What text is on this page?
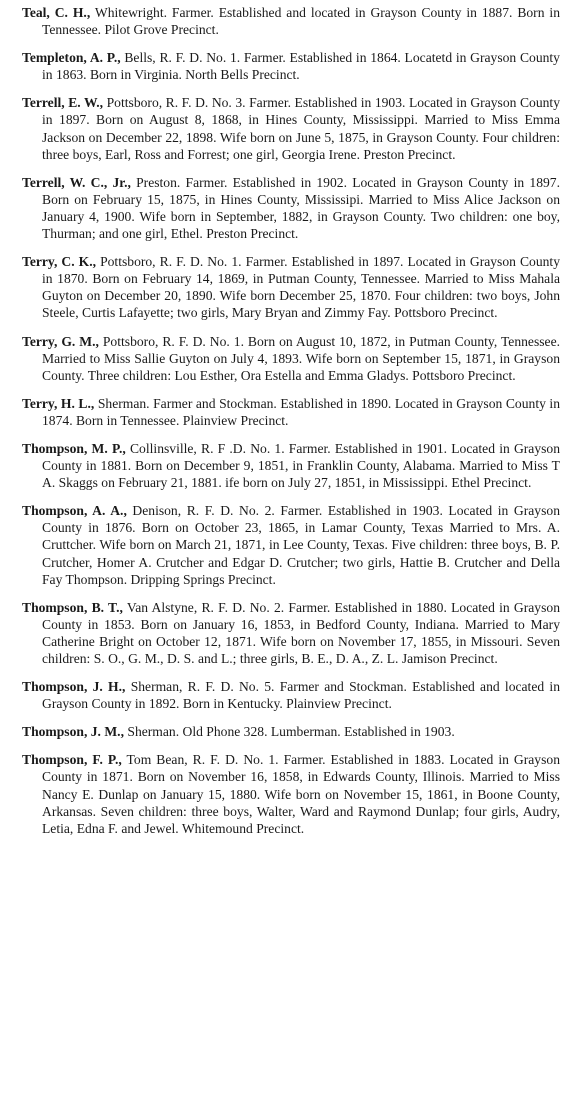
Teal, C. H., Whitewright. Farmer. Established and located in Grayson County in 1887. Born in Tennessee. Pilot Grove Precinct.

Templeton, A. P., Bells, R. F. D. No. 1. Farmer. Established in 1864. Locatetd in Grayson County in 1863. Born in Virginia. North Bells Precinct.

Terrell, E. W., Pottsboro, R. F. D. No. 3. Farmer. Established in 1903. Located in Grayson County in 1897. Born on August 8, 1868, in Hines County, Mississippi. Married to Miss Emma Jackson on December 22, 1898. Wife born on June 5, 1875, in Grayson County. Four children: three boys, Earl, Ross and Forrest; one girl, Georgia Irene. Preston Precinct.

Terrell, W. C., Jr., Preston. Farmer. Established in 1902. Located in Grayson County in 1897. Born on February 15, 1875, in Hines County, Mississipi. Married to Miss Alice Jackson on January 4, 1900. Wife born in September, 1882, in Grayson County. Two children: one boy, Thurman; and one girl, Ethel. Preston Precinct.

Terry, C. K., Pottsboro, R. F. D. No. 1. Farmer. Established in 1897. Located in Grayson County in 1870. Born on February 14, 1869, in Putman County, Tennessee. Married to Miss Mahala Guyton on December 20, 1890. Wife born December 25, 1870. Four children: two boys, John Steele, Curtis Lafayette; two girls, Mary Bryan and Zimmy Fay. Pottsboro Precinct.

Terry, G. M., Pottsboro, R. F. D. No. 1. Born on August 10, 1872, in Putman County, Tennessee. Married to Miss Sallie Guyton on July 4, 1893. Wife born on September 15, 1871, in Grayson County. Three children: Lou Esther, Ora Estella and Emma Gladys. Pottsboro Precinct.

Terry, H. L., Sherman. Farmer and Stockman. Established in 1890. Located in Grayson County in 1874. Born in Tennessee. Plainview Precinct.

Thompson, M. P., Collinsville, R. F .D. No. 1. Farmer. Established in 1901. Located in Grayson County in 1881. Born on December 9, 1851, in Franklin County, Alabama. Married to Miss T A. Skaggs on February 21, 1881. ife born on July 27, 1851, in Mississippi. Ethel Precinct.

Thompson, A. A., Denison, R. F. D. No. 2. Farmer. Established in 1903. Located in Grayson County in 1876. Born on October 23, 1865, in Lamar County, Texas Married to Mrs. A. Cruttcher. Wife born on March 21, 1871, in Lee County, Texas. Five children: three boys, B. P. Crutcher, Homer A. Crutcher and Edgar D. Crutcher; two girls, Hattie B. Crutcher and Della Fay Thompson. Dripping Springs Precinct.

Thompson, B. T., Van Alstyne, R. F. D. No. 2. Farmer. Established in 1880. Located in Grayson County in 1853. Born on January 16, 1853, in Bedford County, Indiana. Married to Mary Catherine Bright on October 12, 1871. Wife born on November 17, 1855, in Missouri. Seven children: S. O., G. M., D. S. and L.; three girls, B. E., D. A., Z. L. Jamison Precinct.

Thompson, J. H., Sherman, R. F. D. No. 5. Farmer and Stockman. Established and located in Grayson County in 1892. Born in Kentucky. Plainview Precinct.

Thompson, J. M., Sherman. Old Phone 328. Lumberman. Established in 1903.

Thompson, F. P., Tom Bean, R. F. D. No. 1. Farmer. Established in 1883. Located in Grayson County in 1871. Born on November 16, 1858, in Edwards County, Illinois. Married to Miss Nancy E. Dunlap on January 15, 1880. Wife born on November 15, 1861, in Boone County, Arkansas. Seven children: three boys, Walter, Ward and Raymond Dunlap; four girls, Audry, Letia, Edna F. and Jewel. Whitemound Precinct.
